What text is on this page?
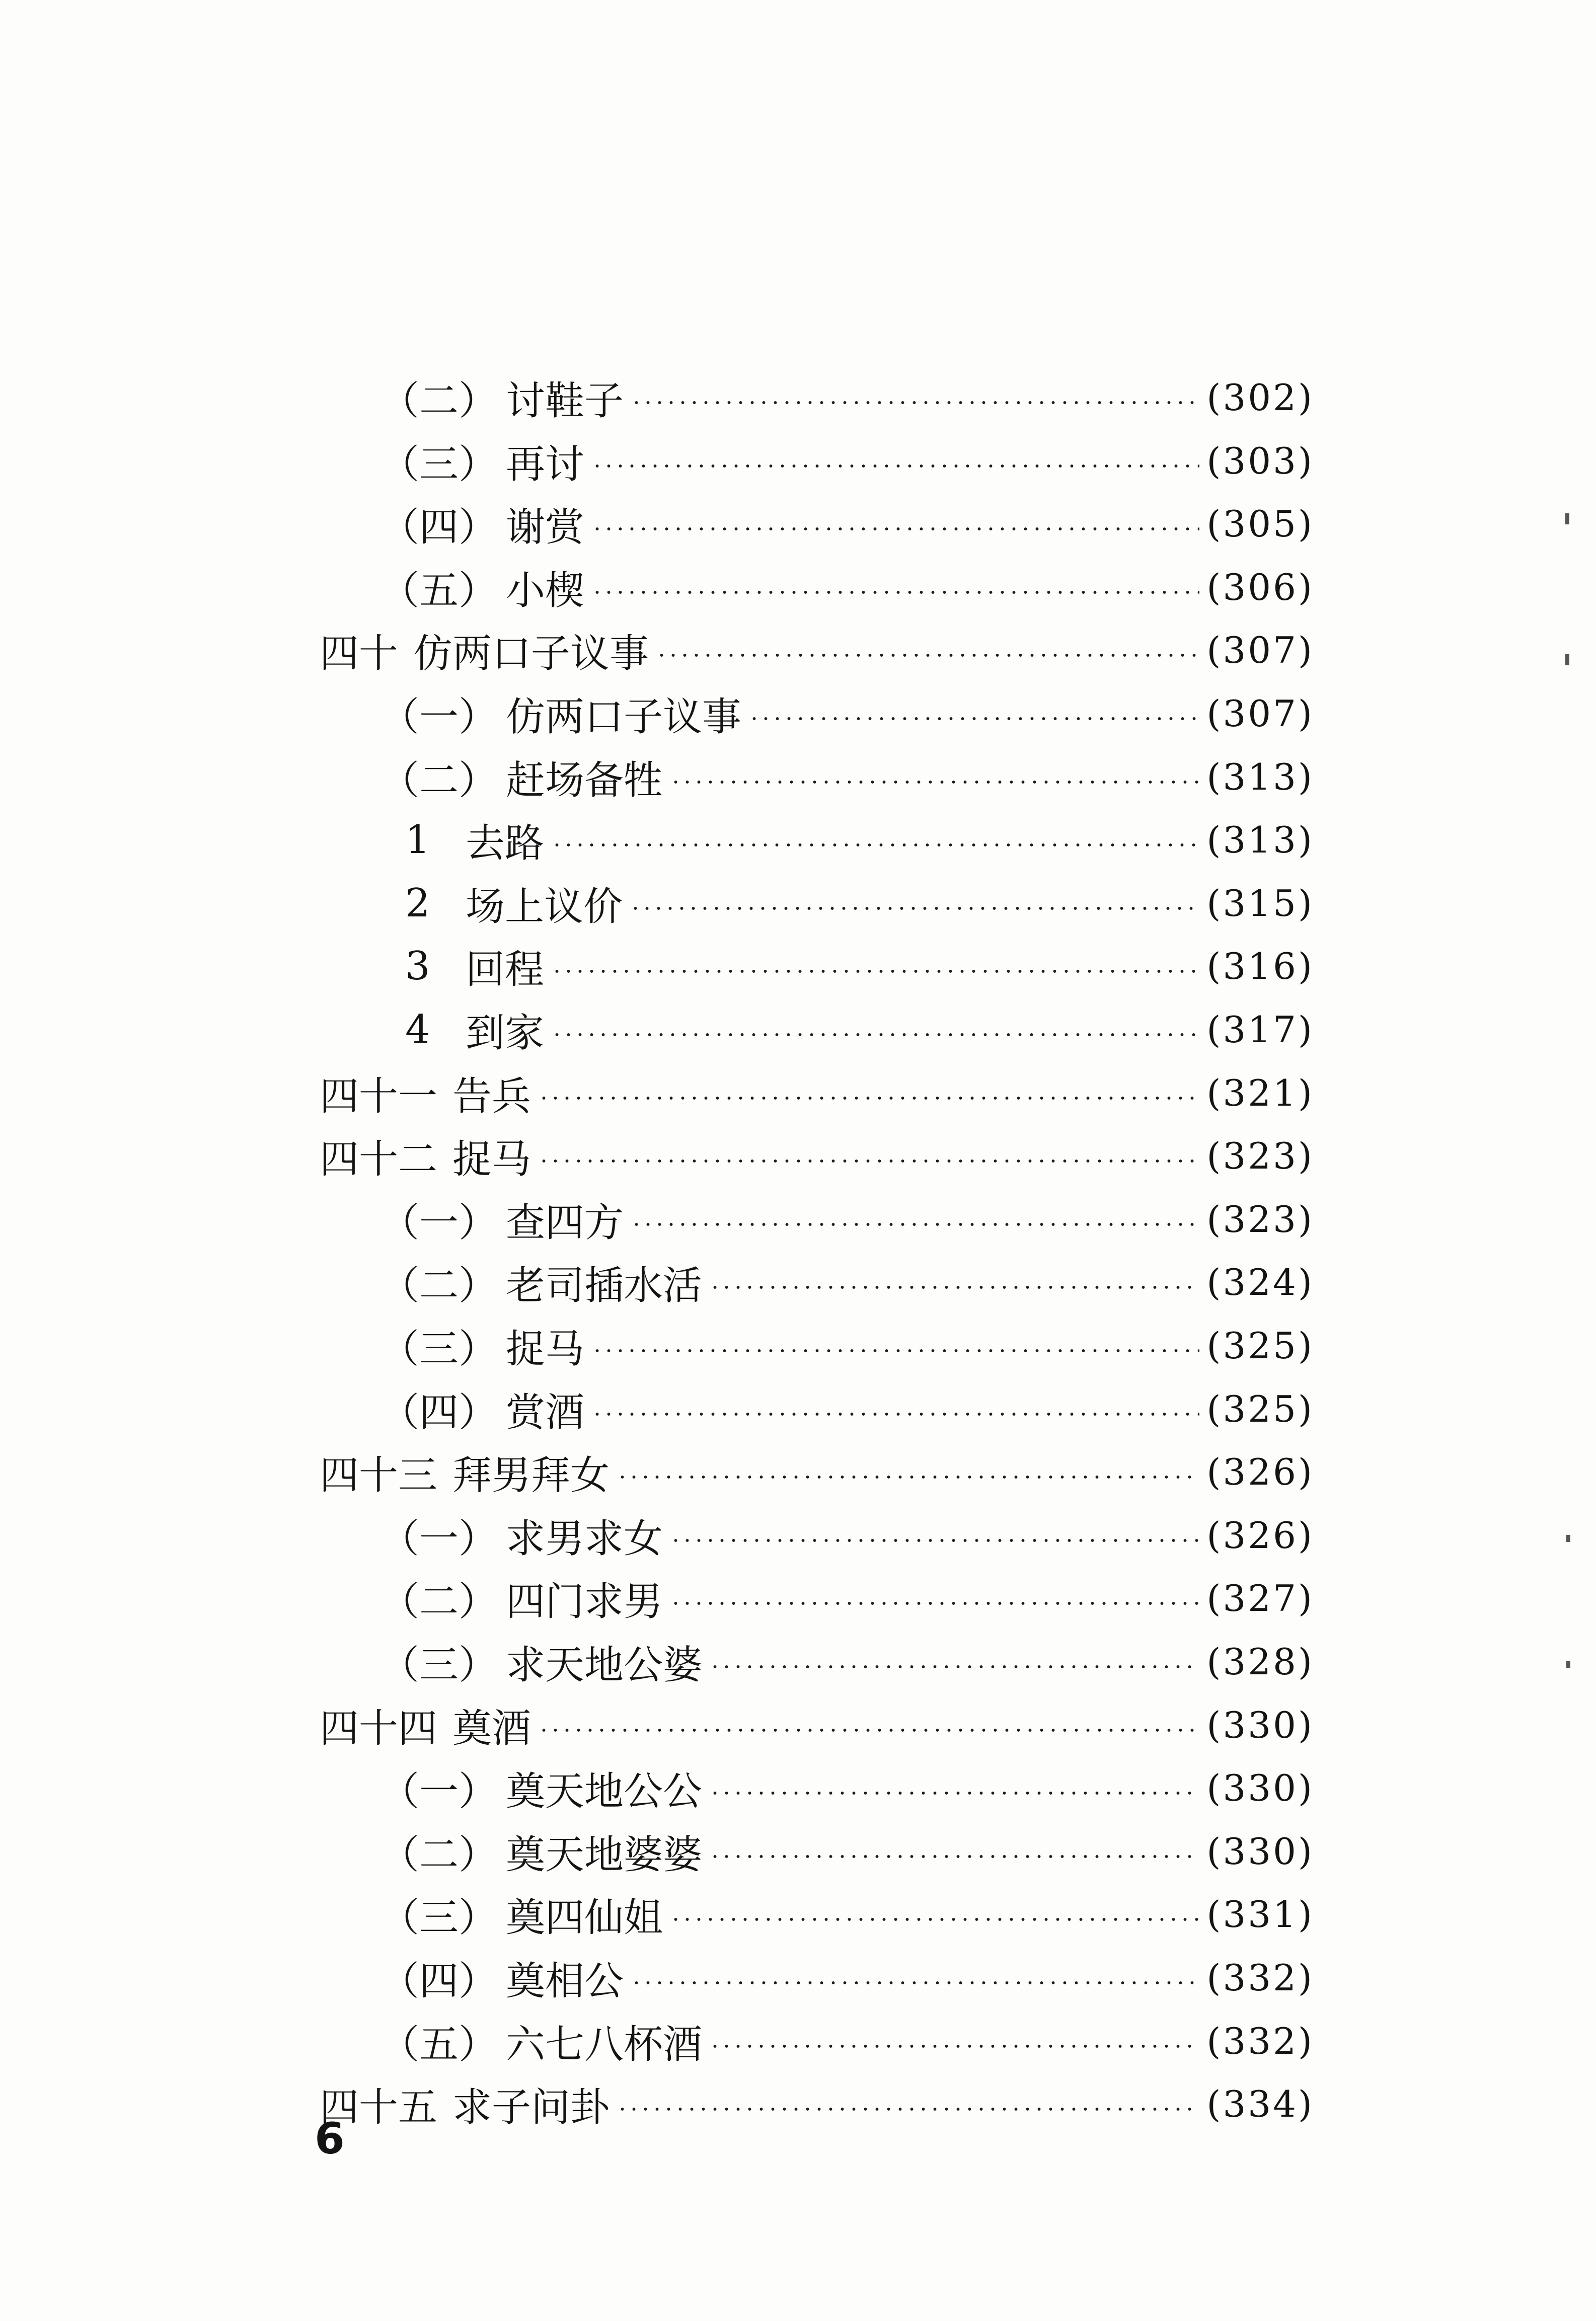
（二） 讨鞋子	(302)
（三） 再讨	(303)
（四） 谢赏	(305)
（五） 小楔	(306)
四十 仿两口子议事	(307)
（一） 仿两口子议事	(307)
（二） 赶场备牲	(313)
1 去路	(313)
2 场上议价	(315)
3 回程	(316)
4 到家	(317)
四十一 告兵	(321)
四十二 捉马	(323)
（一） 查四方	(323)
（二） 老司插水活	(324)
（三） 捉马	(325)
（四） 赏酒	(325)
四十三 拜男拜女	(326)
（一） 求男求女	(326)
（二） 四门求男	(327)
（三） 求天地公婆	(328)
四十四 奠酒	(330)
（一） 奠天地公公	(330)
（二） 奠天地婆婆	(330)
（三） 奠四仙姐	(331)
（四） 奠相公	(332)
（五） 六七八杯酒	(332)
四十五 求子问卦	(334)
6
